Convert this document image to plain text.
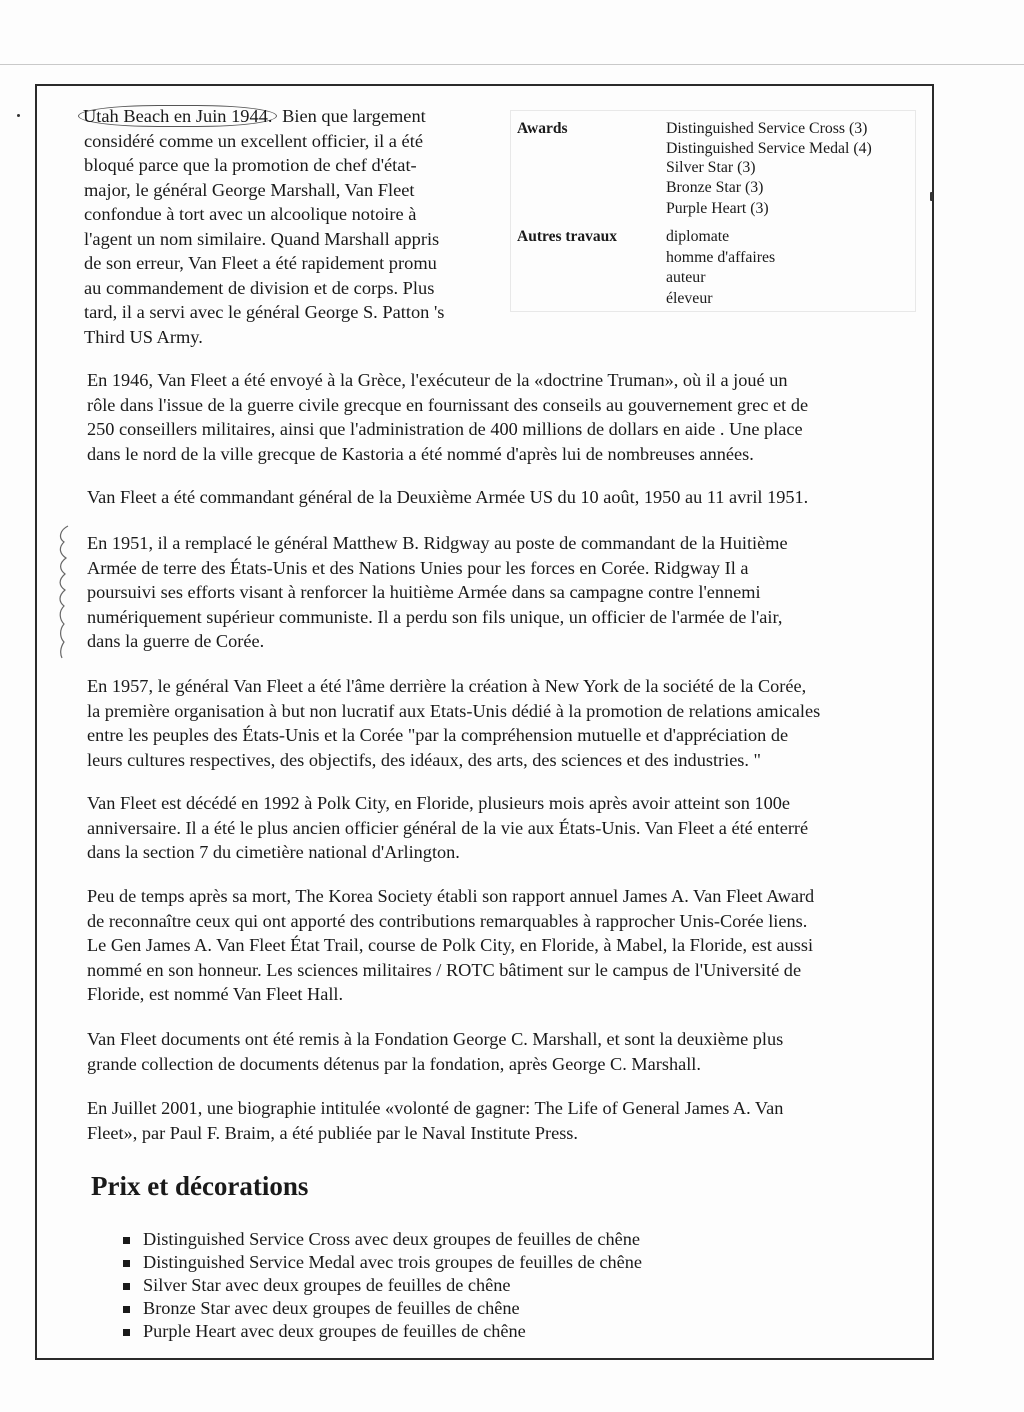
Utah Beach en Juin 1944. Bien que largement
considéré comme un excellent officier, il a été
bloqué parce que la promotion de chef d'état-
major, le général George Marshall, Van Fleet
confondue à tort avec un alcoolique notoire à
l'agent un nom similaire. Quand Marshall appris
de son erreur, Van Fleet a été rapidement promu
au commandement de division et de corps. Plus
tard, il a servi avec le général George S. Patton 's
Third US Army.
Awards	Distinguished Service Cross (3)
Distinguished Service Medal (4)
Silver Star (3)
Bronze Star (3)
Purple Heart (3)
Autres travaux	diplomate
homme d'affaires
auteur
éleveur
En 1946, Van Fleet a été envoyé à la Grèce, l'exécuteur de la «doctrine Truman», où il a joué un
rôle dans l'issue de la guerre civile grecque en fournissant des conseils au gouvernement grec et de
250 conseillers militaires, ainsi que l'administration de 400 millions de dollars en aide . Une place
dans le nord de la ville grecque de Kastoria a été nommé d'après lui de nombreuses années.
Van Fleet a été commandant général de la Deuxième Armée US du 10 août, 1950 au 11 avril 1951.
En 1951, il a remplacé le général Matthew B. Ridgway au poste de commandant de la Huitième
Armée de terre des États-Unis et des Nations Unies pour les forces en Corée. Ridgway Il a
poursuivi ses efforts visant à renforcer la huitième Armée dans sa campagne contre l'ennemi
numériquement supérieur communiste. Il a perdu son fils unique, un officier de l'armée de l'air,
dans la guerre de Corée.
En 1957, le général Van Fleet a été l'âme derrière la création à New York de la société de la Corée,
la première organisation à but non lucratif aux Etats-Unis dédié à la promotion de relations amicales
entre les peuples des États-Unis et la Corée "par la compréhension mutuelle et d'appréciation de
leurs cultures respectives, des objectifs, des idéaux, des arts, des sciences et des industries. "
Van Fleet est décédé en 1992 à Polk City, en Floride, plusieurs mois après avoir atteint son 100e
anniversaire. Il a été le plus ancien officier général de la vie aux États-Unis. Van Fleet a été enterré
dans la section 7 du cimetière national d'Arlington.
Peu de temps après sa mort, The Korea Society établi son rapport annuel James A. Van Fleet Award
de reconnaître ceux qui ont apporté des contributions remarquables à rapprocher Unis-Corée liens.
Le Gen James A. Van Fleet État Trail, course de Polk City, en Floride, à Mabel, la Floride, est aussi
nommé en son honneur. Les sciences militaires / ROTC bâtiment sur le campus de l'Université de
Floride, est nommé Van Fleet Hall.
Van Fleet documents ont été remis à la Fondation George C. Marshall, et sont la deuxième plus
grande collection de documents détenus par la fondation, après George C. Marshall.
En Juillet 2001, une biographie intitulée «volonté de gagner: The Life of General James A. Van
Fleet», par Paul F. Braim, a été publiée par le Naval Institute Press.
Prix et décorations
Distinguished Service Cross avec deux groupes de feuilles de chêne
Distinguished Service Medal avec trois groupes de feuilles de chêne
Silver Star avec deux groupes de feuilles de chêne
Bronze Star avec deux groupes de feuilles de chêne
Purple Heart avec deux groupes de feuilles de chêne
